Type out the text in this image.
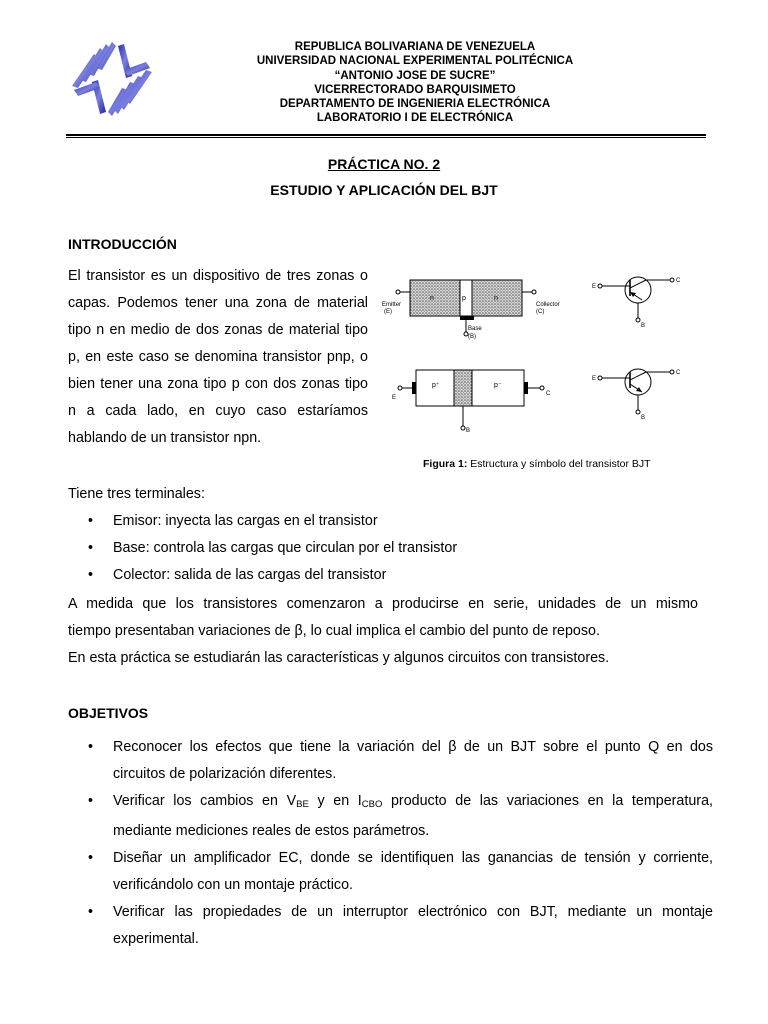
REPUBLICA BOLIVARIANA DE VENEZUELA
UNIVERSIDAD NACIONAL EXPERIMENTAL POLITÉCNICA
“ANTONIO JOSE DE SUCRE”
VICERRECTORADO BARQUISIMETO
DEPARTAMENTO DE INGENIERIA ELECTRÓNICA
LABORATORIO I DE ELECTRÓNICA
PRÁCTICA NO. 2
ESTUDIO Y APLICACIÓN DEL BJT
INTRODUCCIÓN
El transistor es un dispositivo de tres zonas o capas. Podemos tener una zona de material tipo n en medio de dos zonas de material tipo p, en este caso se denomina transistor pnp, o bien tener una zona tipo p con dos zonas tipo n a cada lado, en cuyo caso estaríamos hablando de un transistor npn.
Tiene tres terminales:
• Emisor: inyecta las cargas en el transistor
• Base: controla las cargas que circulan por el transistor
• Colector: salida de las cargas del transistor
A medida que los transistores comenzaron a producirse en serie, unidades de un mismo
tiempo presentaban variaciones de β, lo cual implica el cambio del punto de reposo.
En esta práctica se estudiarán las características y algunos circuitos con transistores.
n	p	n
Emitter
(E)
Collector
(C)
Base
(B)
p⁺	p⁻
E
C
B
E
C
B
E
C
B
Figura 1: Estructura y símbolo del transistor BJT
OBJETIVOS
• Reconocer los efectos que tiene la variación del β de un BJT sobre el punto Q en dos
circuitos de polarización diferentes.
• Verificar los cambios en $V_{BE}$ y en $I_{CBO}$ producto de las variaciones en la temperatura,
mediante mediciones reales de estos parámetros.
• Diseñar un amplificador EC, donde se identifiquen las ganancias de tensión y corriente,
verificándolo con un montaje práctico.
• Verificar las propiedades de un interruptor electrónico con BJT, mediante un montaje
experimental.
